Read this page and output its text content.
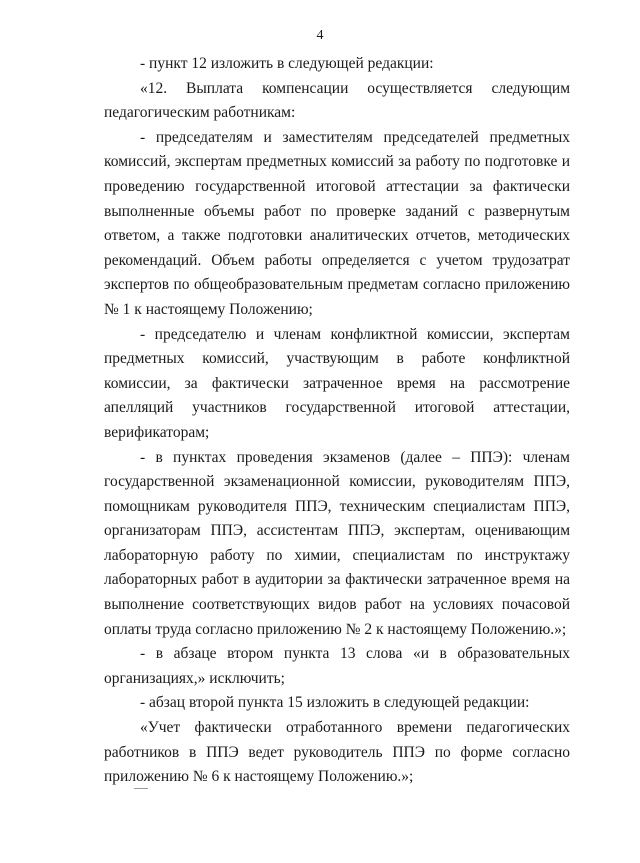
4

- пункт 12 изложить в следующей редакции:

«12. Выплата компенсации осуществляется следующим педагогическим работникам:

- председателям и заместителям председателей предметных комиссий, экспертам предметных комиссий за работу по подготовке и проведению государственной итоговой аттестации за фактически выполненные объемы работ по проверке заданий с развернутым ответом, а также подготовки аналитических отчетов, методических рекомендаций. Объем работы определяется с учетом трудозатрат экспертов по общеобразовательным предметам согласно приложению № 1 к настоящему Положению;

- председателю и членам конфликтной комиссии, экспертам предметных комиссий, участвующим в работе конфликтной комиссии, за фактически затраченное время на рассмотрение апелляций участников государственной итоговой аттестации, верификаторам;

- в пунктах проведения экзаменов (далее – ППЭ): членам государственной экзаменационной комиссии, руководителям ППЭ, помощникам руководителя ППЭ, техническим специалистам ППЭ, организаторам ППЭ, ассистентам ППЭ, экспертам, оценивающим лабораторную работу по химии, специалистам по инструктажу лабораторных работ в аудитории за фактически затраченное время на выполнение соответствующих видов работ на условиях почасовой оплаты труда согласно приложению № 2 к настоящему Положению.»;

- в абзаце втором пункта 13 слова «и в образовательных организациях,» исключить;

- абзац второй пункта 15 изложить в следующей редакции:

«Учет фактически отработанного времени педагогических работников в ППЭ ведет руководитель ППЭ по форме согласно приложению № 6 к настоящему Положению.»;
